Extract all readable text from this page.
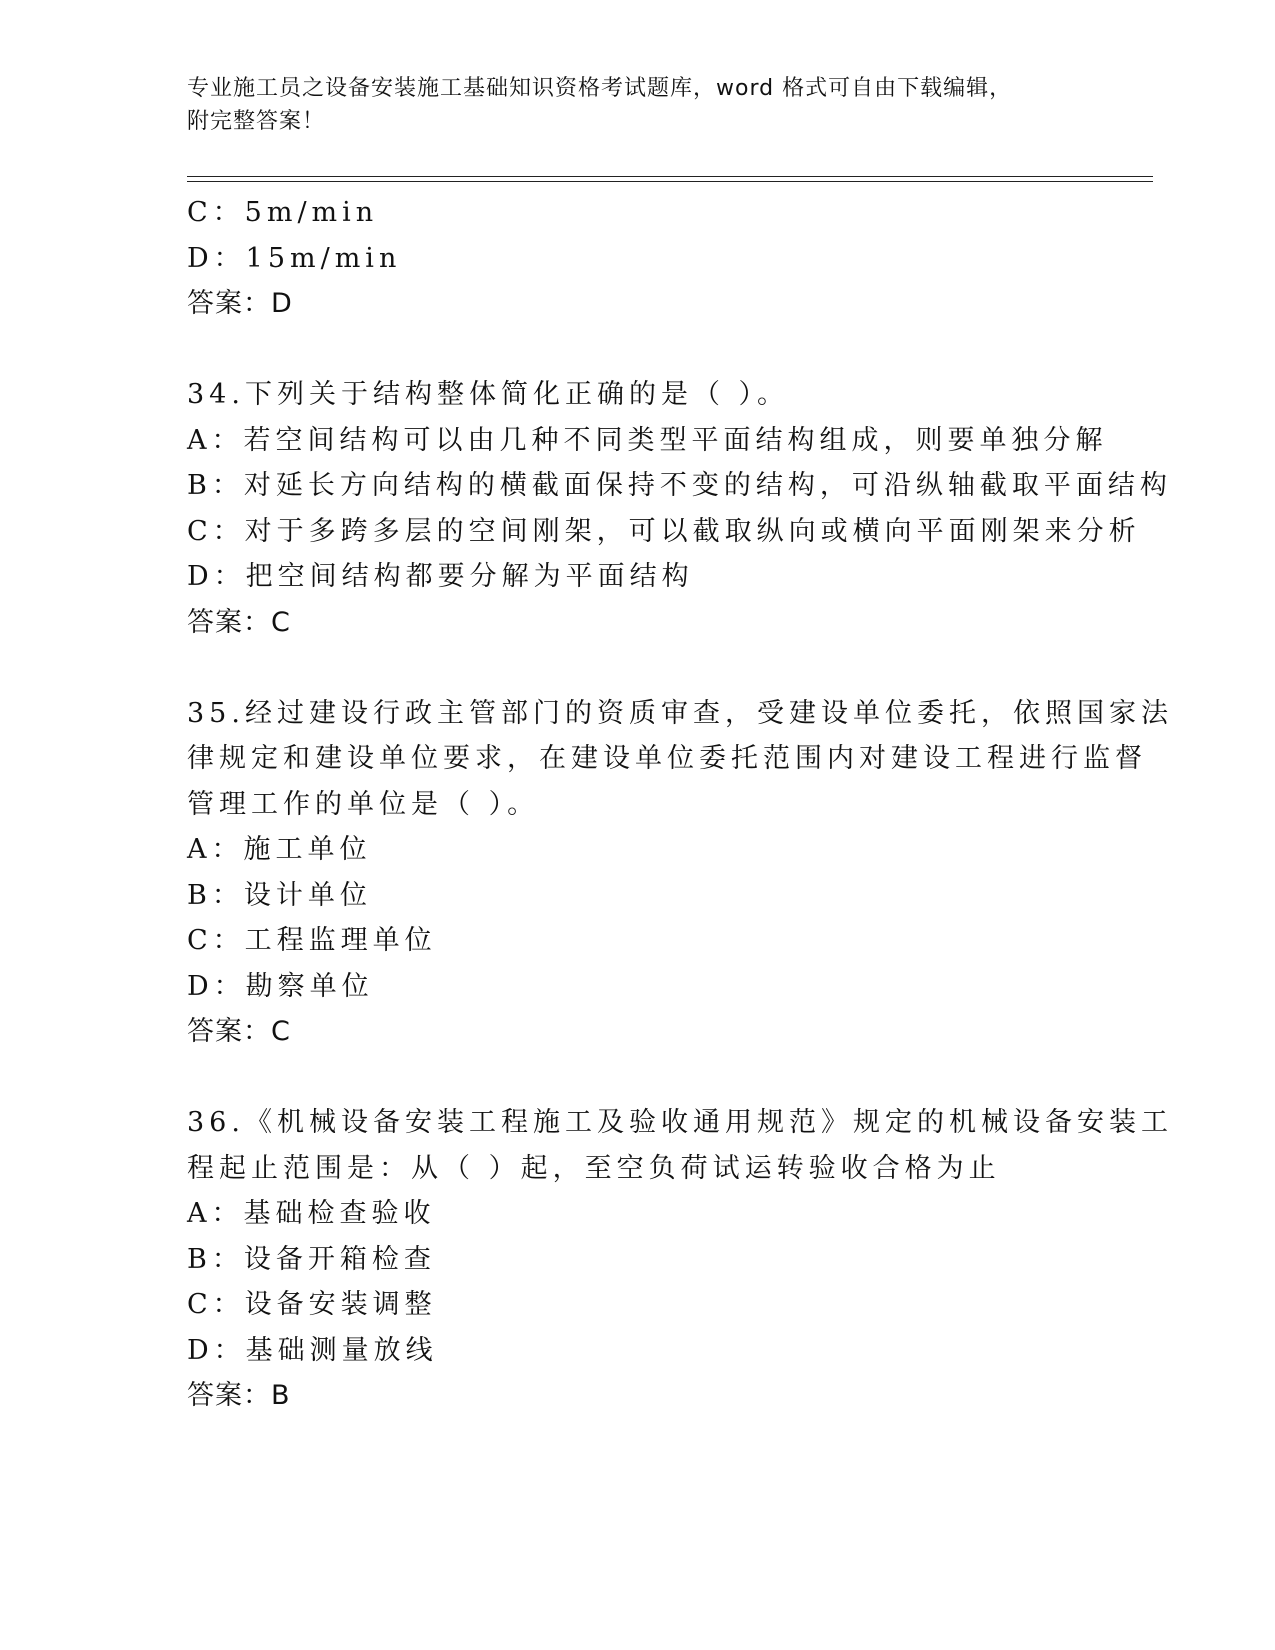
专业施工员之设备安装施工基础知识资格考试题库，word 格式可自由下载编辑，
附完整答案！
C：5m/min
D：15m/min
答案：D
34.下列关于结构整体简化正确的是（ ）。
A：若空间结构可以由几种不同类型平面结构组成，则要单独分解
B：对延长方向结构的横截面保持不变的结构，可沿纵轴截取平面结构
C：对于多跨多层的空间刚架，可以截取纵向或横向平面刚架来分析
D：把空间结构都要分解为平面结构
答案：C
35.经过建设行政主管部门的资质审查，受建设单位委托，依照国家法
律规定和建设单位要求，在建设单位委托范围内对建设工程进行监督
管理工作的单位是（ ）。
A：施工单位
B：设计单位
C：工程监理单位
D：勘察单位
答案：C
36.《机械设备安装工程施工及验收通用规范》规定的机械设备安装工
程起止范围是：从（ ）起，至空负荷试运转验收合格为止
A：基础检查验收
B：设备开箱检查
C：设备安装调整
D：基础测量放线
答案：B
